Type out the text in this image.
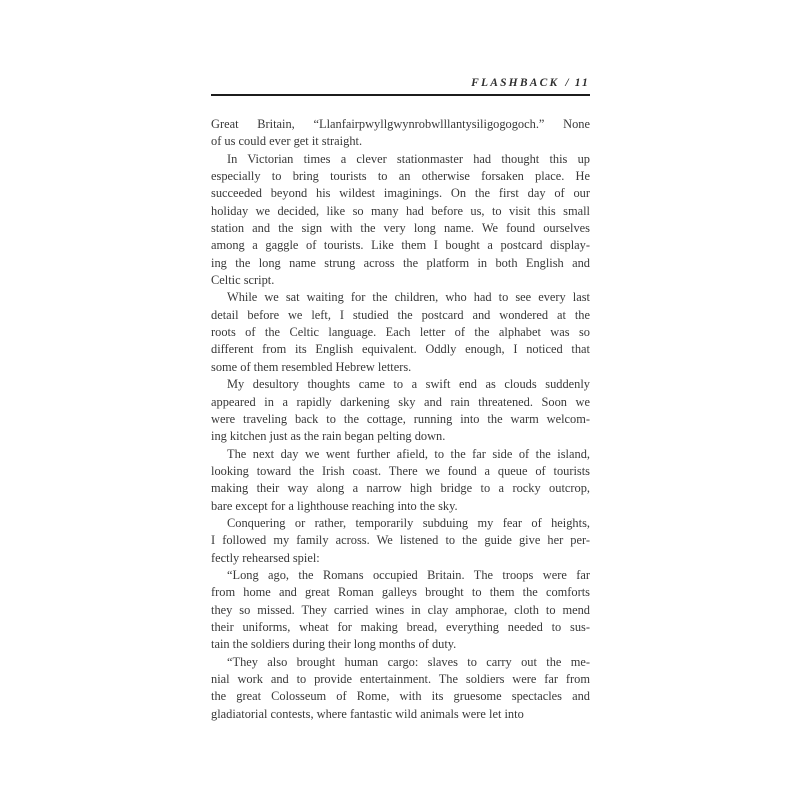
FLASHBACK / 11
Great Britain, “Llanfairpwyllgwynrobwlllantysiligogogoch.” None
of us could ever get it straight.
In Victorian times a clever stationmaster had thought this up
especially to bring tourists to an otherwise forsaken place. He
succeeded beyond his wildest imaginings. On the first day of our
holiday we decided, like so many had before us, to visit this small
station and the sign with the very long name. We found ourselves
among a gaggle of tourists. Like them I bought a postcard display-
ing the long name strung across the platform in both English and
Celtic script.
While we sat waiting for the children, who had to see every last
detail before we left, I studied the postcard and wondered at the
roots of the Celtic language. Each letter of the alphabet was so
different from its English equivalent. Oddly enough, I noticed that
some of them resembled Hebrew letters.
My desultory thoughts came to a swift end as clouds suddenly
appeared in a rapidly darkening sky and rain threatened. Soon we
were traveling back to the cottage, running into the warm welcom-
ing kitchen just as the rain began pelting down.
The next day we went further afield, to the far side of the island,
looking toward the Irish coast. There we found a queue of tourists
making their way along a narrow high bridge to a rocky outcrop,
bare except for a lighthouse reaching into the sky.
Conquering or rather, temporarily subduing my fear of heights,
I followed my family across. We listened to the guide give her per-
fectly rehearsed spiel:
“Long ago, the Romans occupied Britain. The troops were far
from home and great Roman galleys brought to them the comforts
they so missed. They carried wines in clay amphorae, cloth to mend
their uniforms, wheat for making bread, everything needed to sus-
tain the soldiers during their long months of duty.
“They also brought human cargo: slaves to carry out the me-
nial work and to provide entertainment. The soldiers were far from
the great Colosseum of Rome, with its gruesome spectacles and
gladiatorial contests, where fantastic wild animals were let into
